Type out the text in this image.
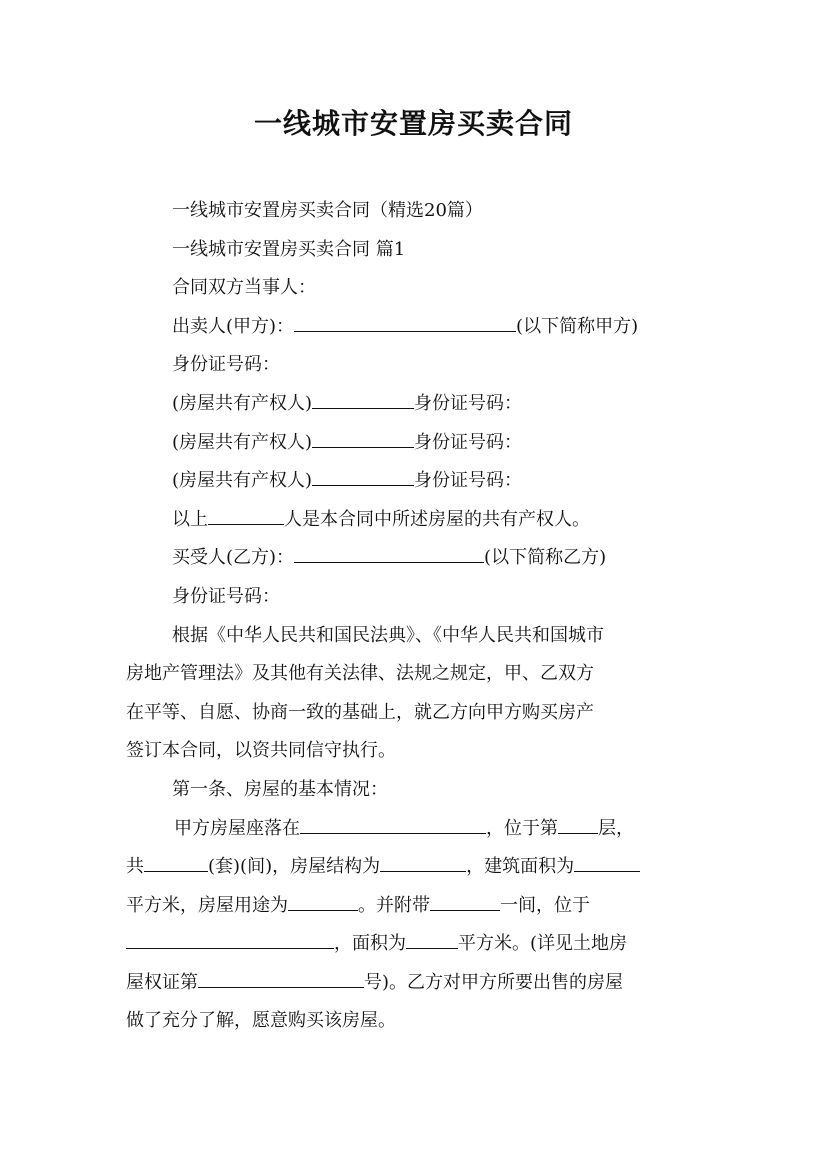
一线城市安置房买卖合同

一线城市安置房买卖合同（精选20篇）

一线城市安置房买卖合同 篇1

合同双方当事人：

出卖人(甲方)：	(以下简称甲方)

身份证号码：

(房屋共有产权人)	身份证号码：

(房屋共有产权人)	身份证号码：

(房屋共有产权人)	身份证号码：

以上	人是本合同中所述房屋的共有产权人。

买受人(乙方)：	(以下简称乙方)

身份证号码：

根据《中华人民共和国民法典》、《中华人民共和国城市

房地产管理法》及其他有关法律、法规之规定，甲、乙双方

在平等、自愿、协商一致的基础上，就乙方向甲方购买房产

签订本合同，以资共同信守执行。

第一条、房屋的基本情况：

甲方房屋座落在	，位于第 层，

共	(套)(间)，房屋结构为	，建筑面积为

平方米，房屋用途为	。并附带	一间，位于

，面积为	平方米。(详见土地房

屋权证第	号)。乙方对甲方所要出售的房屋

做了充分了解，愿意购买该房屋。
